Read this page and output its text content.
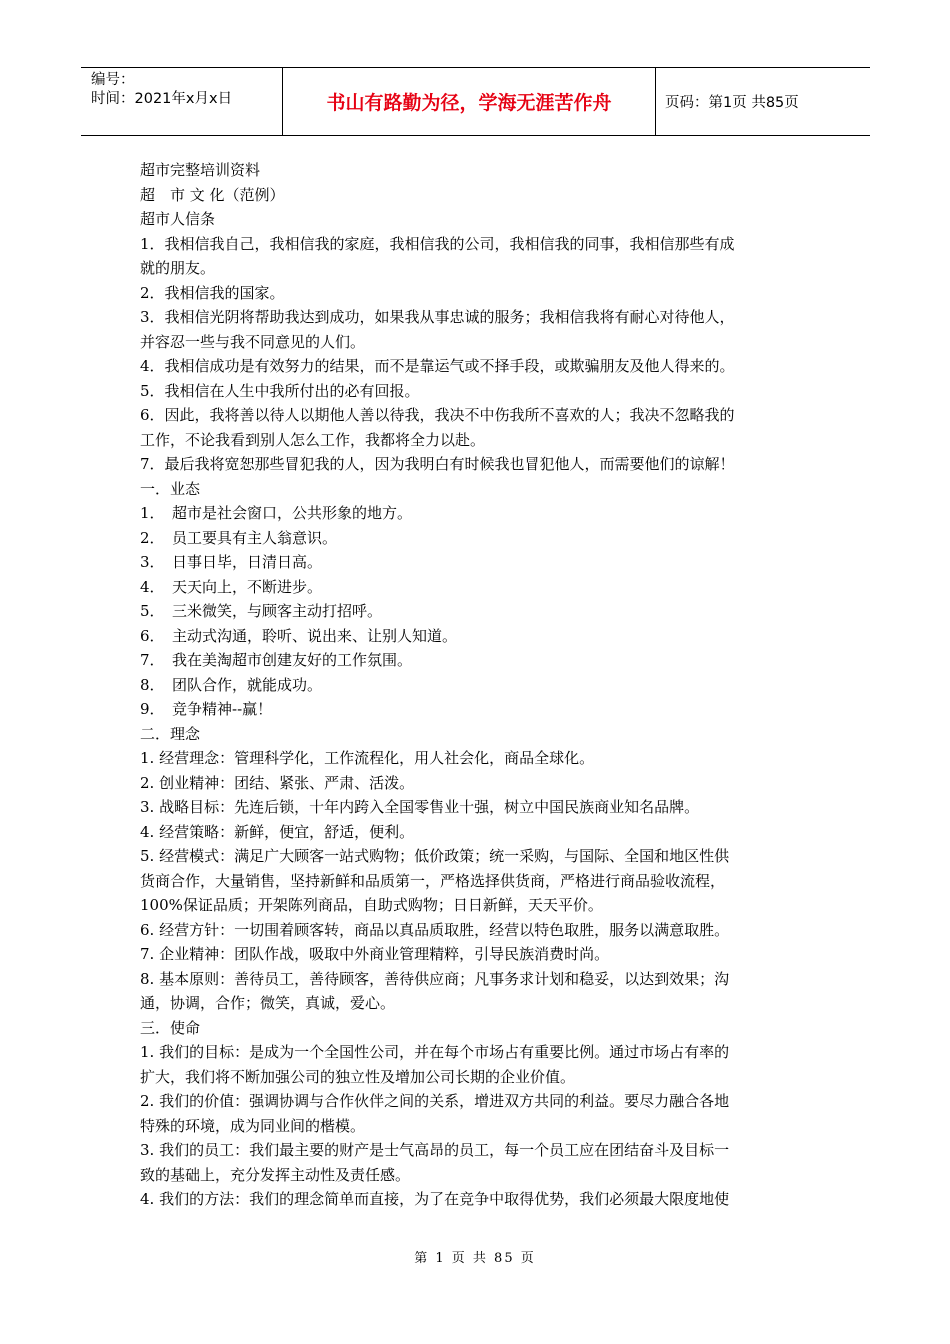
编号：
时间：2021年x月x日	书山有路勤为径，学海无涯苦作舟	页码：第1页 共85页
超市完整培训资料
超　市 文 化（范例）
超市人信条
1．我相信我自己，我相信我的家庭，我相信我的公司，我相信我的同事，我相信那些有成
就的朋友。
2．我相信我的国家。
3．我相信光阴将帮助我达到成功，如果我从事忠诚的服务；我相信我将有耐心对待他人，
并容忍一些与我不同意见的人们。
4．我相信成功是有效努力的结果，而不是靠运气或不择手段，或欺骗朋友及他人得来的。
5．我相信在人生中我所付出的必有回报。
6．因此，我将善以待人以期他人善以待我，我决不中伤我所不喜欢的人；我决不忽略我的
工作，不论我看到别人怎么工作，我都将全力以赴。
7．最后我将宽恕那些冒犯我的人，因为我明白有时候我也冒犯他人，而需要他们的谅解！
一．业态
1．　超市是社会窗口，公共形象的地方。
2．　员工要具有主人翁意识。
3．　日事日毕，日清日高。
4．　天天向上，不断进步。
5．　三米微笑，与顾客主动打招呼。
6．　主动式沟通，聆听、说出来、让别人知道。
7．　我在美淘超市创建友好的工作氛围。
8．　团队合作，就能成功。
9．　竞争精神--赢！
二．理念
1. 经营理念：管理科学化，工作流程化，用人社会化，商品全球化。
2. 创业精神：团结、紧张、严肃、活泼。
3. 战略目标：先连后锁，十年内跨入全国零售业十强，树立中国民族商业知名品牌。
4. 经营策略：新鲜，便宜，舒适，便利。
5. 经营模式：满足广大顾客一站式购物；低价政策；统一采购，与国际、全国和地区性供
货商合作，大量销售，坚持新鲜和品质第一，严格选择供货商，严格进行商品验收流程，
100%保证品质；开架陈列商品，自助式购物；日日新鲜，天天平价。
6. 经营方针：一切围着顾客转，商品以真品质取胜，经营以特色取胜，服务以满意取胜。
7. 企业精神：团队作战，吸取中外商业管理精粹，引导民族消费时尚。
8. 基本原则：善待员工，善待顾客，善待供应商；凡事务求计划和稳妥，以达到效果；沟
通，协调，合作；微笑，真诚，爱心。
三．使命
1. 我们的目标：是成为一个全国性公司，并在每个市场占有重要比例。通过市场占有率的
扩大，我们将不断加强公司的独立性及增加公司长期的企业价值。
2. 我们的价值：强调协调与合作伙伴之间的关系，增进双方共同的利益。要尽力融合各地
特殊的环境，成为同业间的楷模。
3. 我们的员工：我们最主要的财产是士气高昂的员工，每一个员工应在团结奋斗及目标一
致的基础上，充分发挥主动性及责任感。
4. 我们的方法：我们的理念简单而直接，为了在竞争中取得优势，我们必须最大限度地使
第 1 页 共 85 页
